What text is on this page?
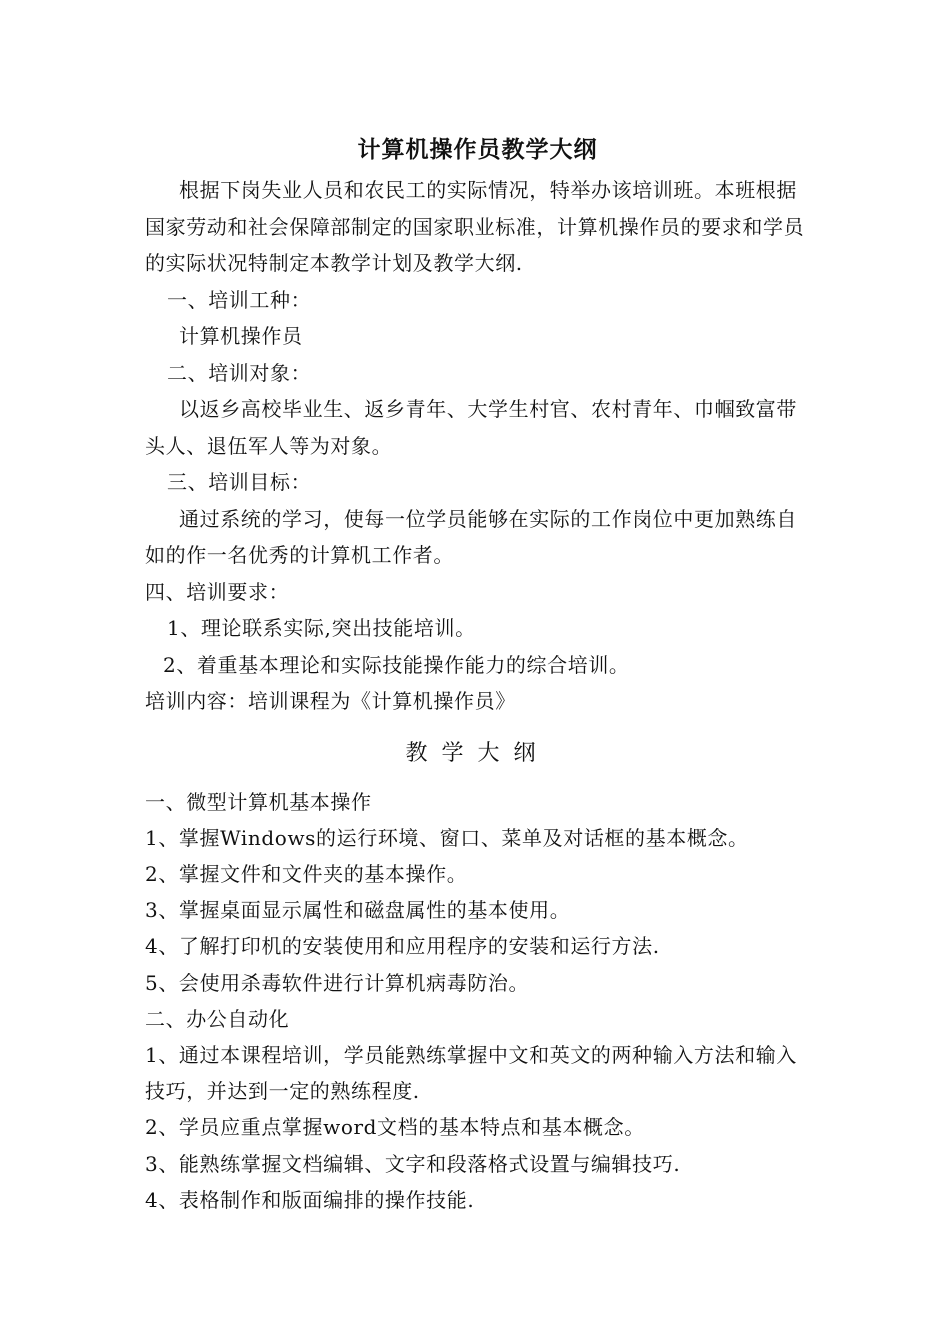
计算机操作员教学大纲

根据下岗失业人员和农民工的实际情况，特举办该培训班。本班根据国家劳动和社会保障部制定的国家职业标准，计算机操作员的要求和学员的实际状况特制定本教学计划及教学大纲.

一、培训工种：

计算机操作员

二、培训对象：

以返乡高校毕业生、返乡青年、大学生村官、农村青年、巾帼致富带头人、退伍军人等为对象。

三、培训目标：

通过系统的学习，使每一位学员能够在实际的工作岗位中更加熟练自如的作一名优秀的计算机工作者。

四、培训要求：

1、理论联系实际,突出技能培训。

2、着重基本理论和实际技能操作能力的综合培训。

培训内容：培训课程为《计算机操作员》

教学大纲

一、微型计算机基本操作

1、掌握Windows的运行环境、窗口、菜单及对话框的基本概念。

2、掌握文件和文件夹的基本操作。

3、掌握桌面显示属性和磁盘属性的基本使用。

4、了解打印机的安装使用和应用程序的安装和运行方法.

5、会使用杀毒软件进行计算机病毒防治。

二、办公自动化

1、通过本课程培训，学员能熟练掌握中文和英文的两种输入方法和输入技巧，并达到一定的熟练程度.

2、学员应重点掌握word文档的基本特点和基本概念。

3、能熟练掌握文档编辑、文字和段落格式设置与编辑技巧.

4、表格制作和版面编排的操作技能.
